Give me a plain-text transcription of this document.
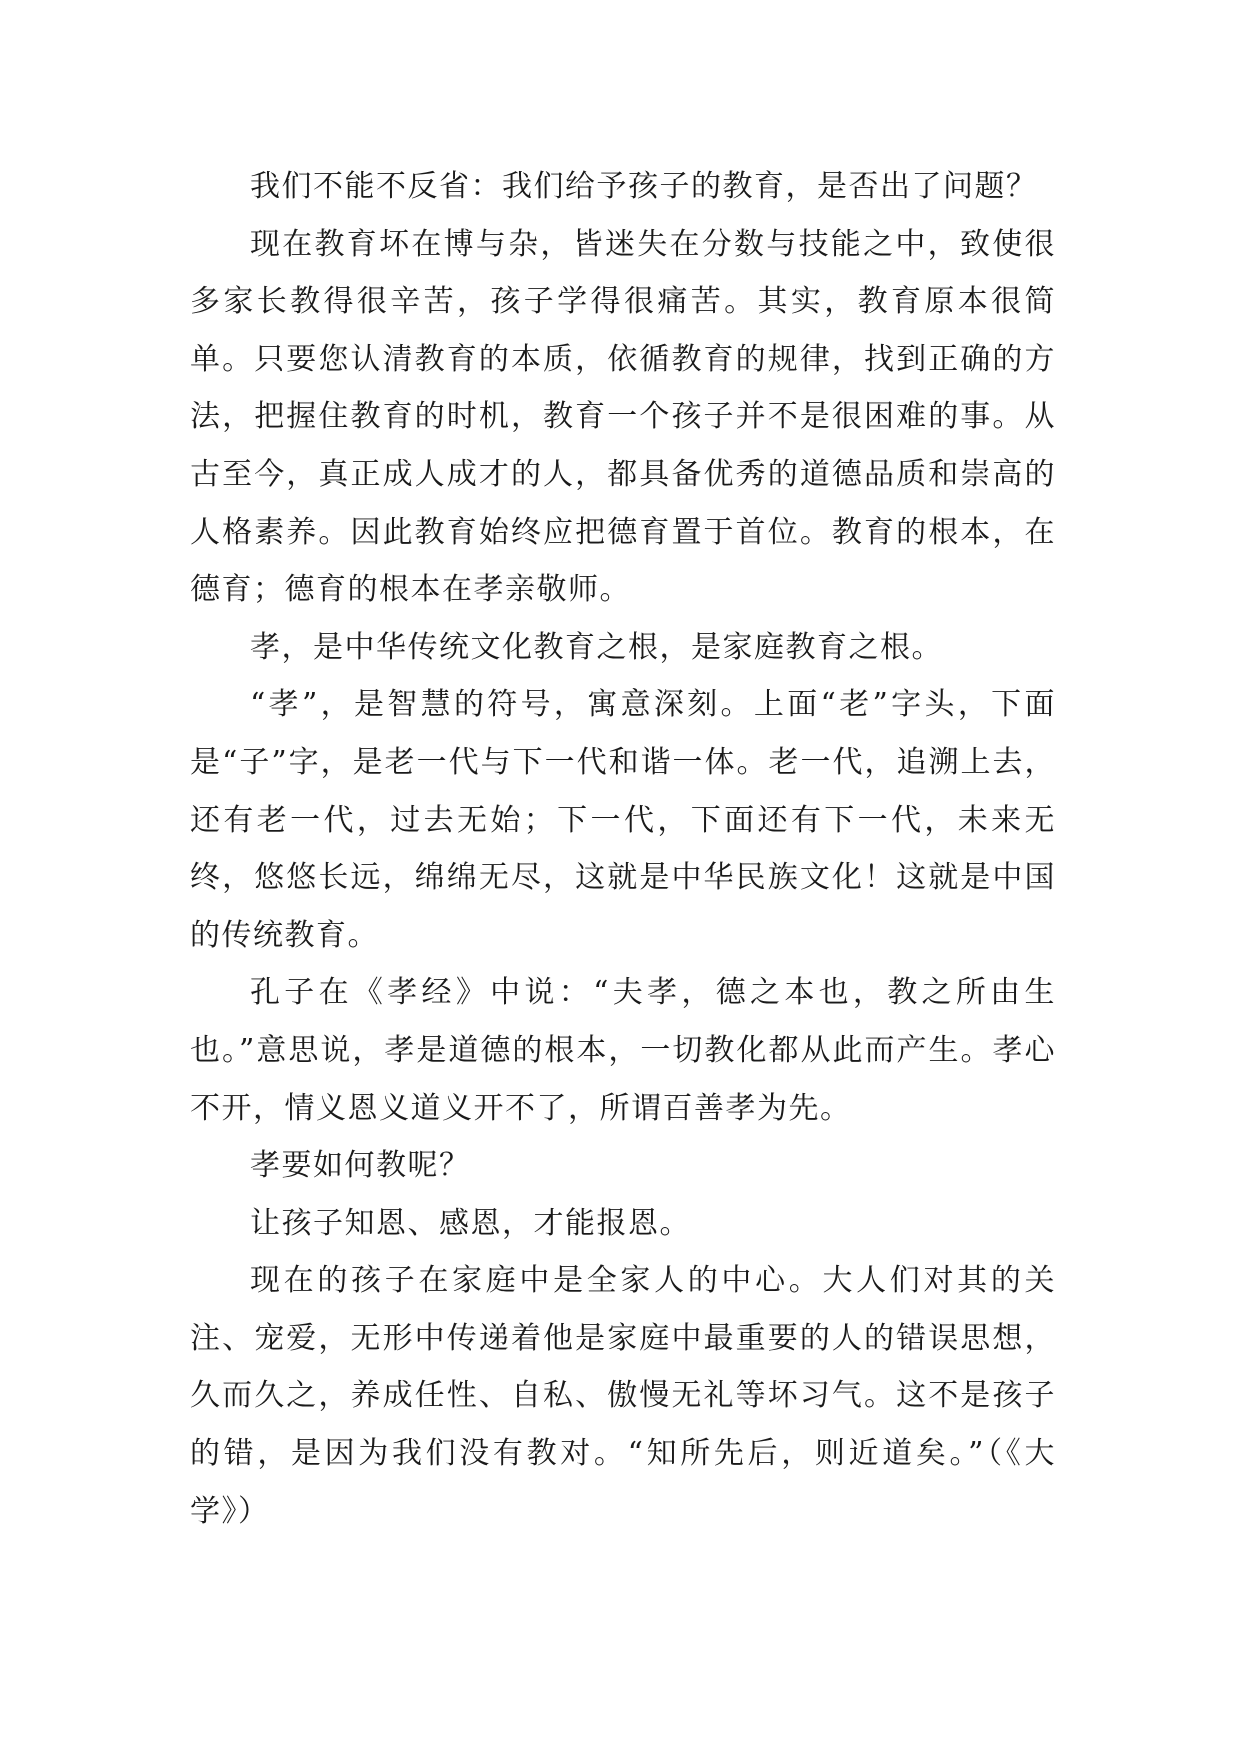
我们不能不反省：我们给予孩子的教育，是否出了问题？

现在教育坏在博与杂，皆迷失在分数与技能之中，致使很多家长教得很辛苦，孩子学得很痛苦。其实，教育原本很简单。只要您认清教育的本质，依循教育的规律，找到正确的方法，把握住教育的时机，教育一个孩子并不是很困难的事。从古至今，真正成人成才的人，都具备优秀的道德品质和崇高的人格素养。因此教育始终应把德育置于首位。教育的根本，在德育；德育的根本在孝亲敬师。

孝，是中华传统文化教育之根，是家庭教育之根。

“孝”，是智慧的符号，寓意深刻。上面“老”字头，下面是“子”字，是老一代与下一代和谐一体。老一代，追溯上去，还有老一代，过去无始；下一代，下面还有下一代，未来无终，悠悠长远，绵绵无尽，这就是中华民族文化！这就是中国的传统教育。

孔子在《孝经》中说：“夫孝，德之本也，教之所由生也。”意思说，孝是道德的根本，一切教化都从此而产生。孝心不开，情义恩义道义开不了，所谓百善孝为先。

孝要如何教呢？

让孩子知恩、感恩，才能报恩。

现在的孩子在家庭中是全家人的中心。大人们对其的关注、宠爱，无形中传递着他是家庭中最重要的人的错误思想，久而久之，养成任性、自私、傲慢无礼等坏习气。这不是孩子的错，是因为我们没有教对。“知所先后，则近道矣。”（《大学》）
